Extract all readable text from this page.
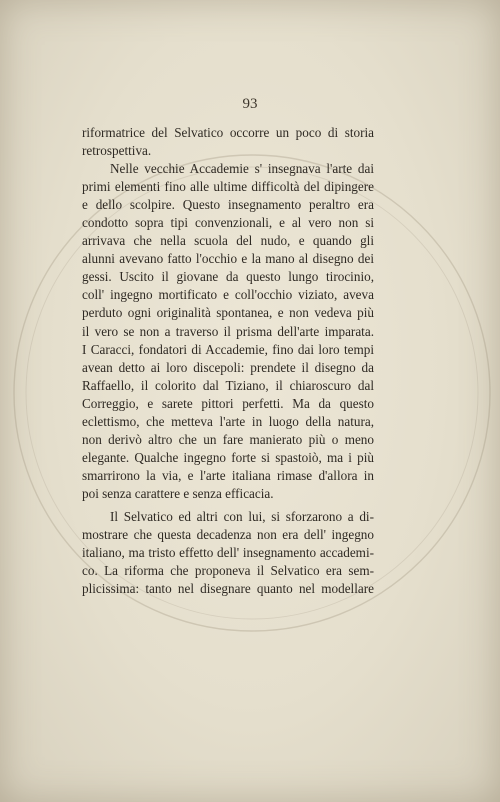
93
riformatrice del Selvatico occorre un poco di storia
retrospettiva.
Nelle vecchie Accademie s' insegnava l'arte dai
primi elementi fino alle ultime difficoltà del dipingere
e dello scolpire. Questo insegnamento peraltro era
condotto sopra tipi convenzionali, e al vero non si
arrivava che nella scuola del nudo, e quando gli
alunni avevano fatto l'occhio e la mano al disegno dei
gessi. Uscito il giovane da questo lungo tirocinio,
coll' ingegno mortificato e coll'occhio viziato, aveva
perduto ogni originalità spontanea, e non vedeva più
il vero se non a traverso il prisma dell'arte imparata.
I Caracci, fondatori di Accademie, fino dai loro tempi
avean detto ai loro discepoli: prendete il disegno da
Raffaello, il colorito dal Tiziano, il chiaroscuro dal
Correggio, e sarete pittori perfetti. Ma da questo
eclettismo, che metteva l'arte in luogo della natura,
non derivò altro che un fare manierato più o meno
elegante. Qualche ingegno forte si spastoiò, ma i più
smarrirono la via, e l'arte italiana rimase d'allora in
poi senza carattere e senza efficacia.
Il Selvatico ed altri con lui, si sforzarono a di-
mostrare che questa decadenza non era dell' ingegno
italiano, ma tristo effetto dell' insegnamento accademi-
co. La riforma che proponeva il Selvatico era sem-
plicissima: tanto nel disegnare quanto nel modellare
